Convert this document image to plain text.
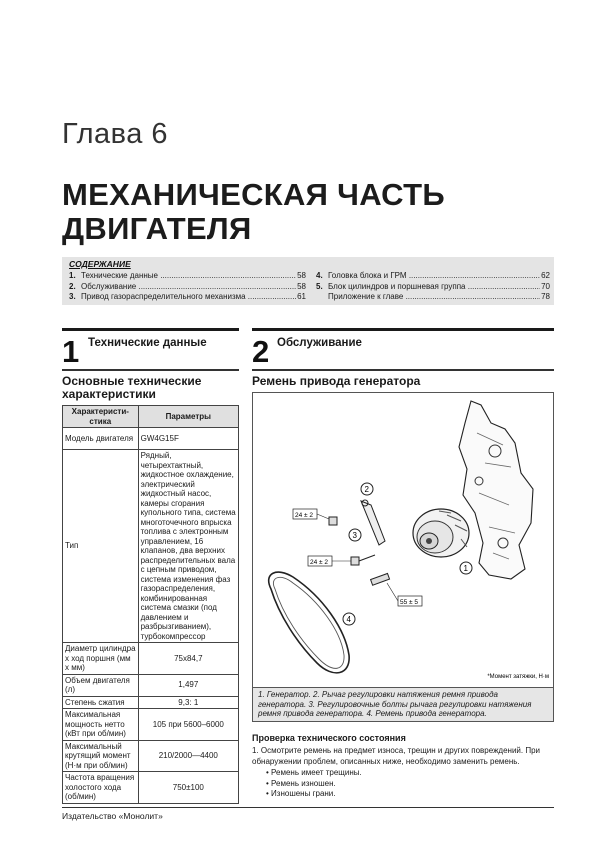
Глава 6
МЕХАНИЧЕСКАЯ ЧАСТЬ
ДВИГАТЕЛЯ
СОДЕРЖАНИЕ
1. Технические данные .....	58
2. Обслуживание .....	58
3. Привод газораспределительного механизма .....	61
4. Головка блока и ГРМ .....	62
5. Блок цилиндров и поршневая группа .....	70
Приложение к главе .....	78
1 Технические данные
Основные технические
характеристики
Характеристи-
стика	Параметры
Модель двигателя	GW4G15F
Тип	Рядный, четырехтактный, жидкостное охлаждение, электрический жидкостный насос, камеры сгорания купольного типа, система многоточечного впрыска топлива с электронным управлением, 16 клапанов, два верхних распределительных вала с цепным приводом, система изменения фаз газораспределения, комбинированная система смазки (под давлением и разбрызгиванием), турбокомпрессор
Диаметр цилиндра x ход поршня (мм x мм)	75x84,7
Объем двигателя (л)	1,497
Степень сжатия	9,3: 1
Максимальная мощность нетто (кВт при об/мин)	105 при 5600–6000
Максимальный крутящий момент (Н·м при об/мин)	210/2000—4400
Частота вращения холостого хода (об/мин)	750±100
2 Обслуживание
Ремень привода генератора
24 ± 2
24 ± 2
55 ± 5
1
2
3
4
*Момент затяжки, Н·м
1. Генератор. 2. Рычаг регулировки натяжения ремня привода генератора. 3. Регулировочные болты рычага регулировки натяжения ремня привода генератора. 4. Ремень привода генератора.
Проверка технического состояния
1. Осмотрите ремень на предмет износа, трещин и других повреждений. При обнаружении проблем, описанных ниже, необходимо заменить ремень.
• Ремень имеет трещины.
• Ремень изношен.
• Изношены грани.
Издательство «Монолит»
